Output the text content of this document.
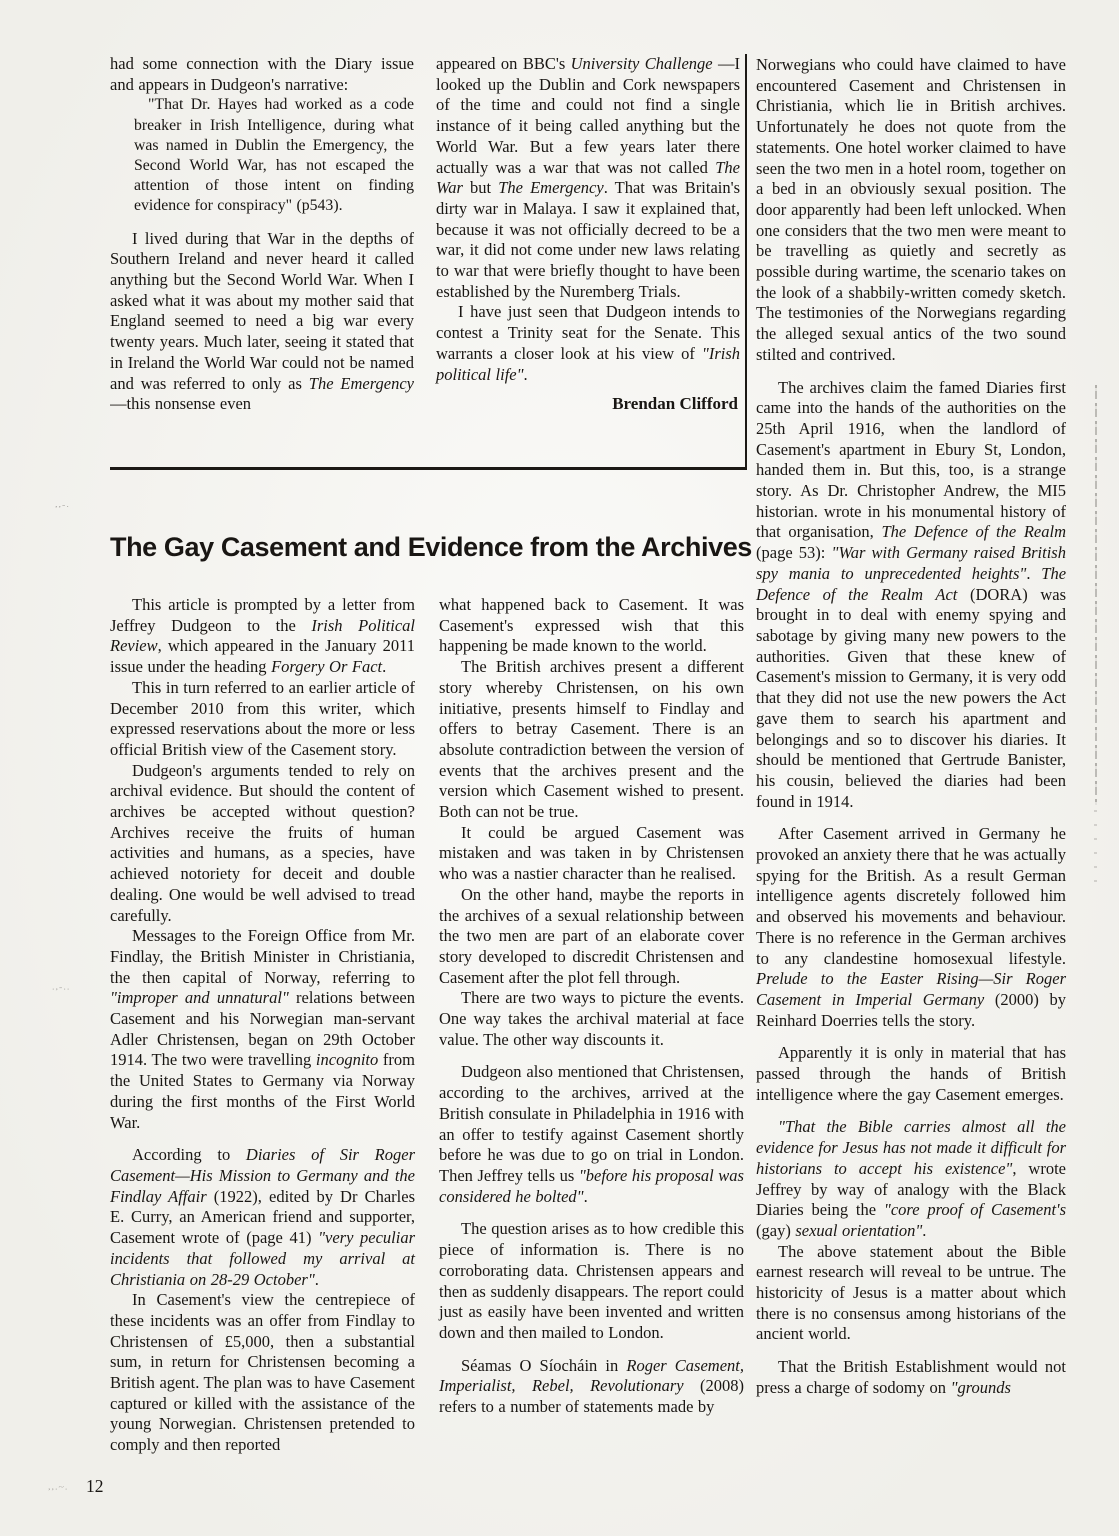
had some connection with the Diary issue and appears in Dudgeon's narrative:

"That Dr. Hayes had worked as a code breaker in Irish Intelligence, during what was named in Dublin the Emergency, the Second World War, has not escaped the attention of those intent on finding evidence for conspiracy" (p543).

I lived during that War in the depths of Southern Ireland and never heard it called anything but the Second World War. When I asked what it was about my mother said that England seemed to need a big war every twenty years. Much later, seeing it stated that in Ireland the World War could not be named and was referred to only as The Emergency—this nonsense even

appeared on BBC's University Challenge —I looked up the Dublin and Cork newspapers of the time and could not find a single instance of it being called anything but the World War. But a few years later there actually was a war that was not called The War but The Emergency. That was Britain's dirty war in Malaya. I saw it explained that, because it was not officially decreed to be a war, it did not come under new laws relating to war that were briefly thought to have been established by the Nuremberg Trials.

I have just seen that Dudgeon intends to contest a Trinity seat for the Senate. This warrants a closer look at his view of "Irish political life".

Brendan Clifford

The Gay Casement and Evidence from the Archives

This article is prompted by a letter from Jeffrey Dudgeon to the Irish Political Review, which appeared in the January 2011 issue under the heading Forgery Or Fact.

This in turn referred to an earlier article of December 2010 from this writer, which expressed reservations about the more or less official British view of the Casement story.

Dudgeon's arguments tended to rely on archival evidence. But should the content of archives be accepted without question? Archives receive the fruits of human activities and humans, as a species, have achieved notoriety for deceit and double dealing. One would be well advised to tread carefully.

Messages to the Foreign Office from Mr. Findlay, the British Minister in Christiania, the then capital of Norway, referring to "improper and unnatural" relations between Casement and his Norwegian man-servant Adler Christensen, began on 29th October 1914. The two were travelling incognito from the United States to Germany via Norway during the first months of the First World War.

According to Diaries of Sir Roger Casement—His Mission to Germany and the Findlay Affair (1922), edited by Dr Charles E. Curry, an American friend and supporter, Casement wrote of (page 41) "very peculiar incidents that followed my arrival at Christiania on 28-29 October".

In Casement's view the centrepiece of these incidents was an offer from Findlay to Christensen of £5,000, then a substantial sum, in return for Christensen becoming a British agent. The plan was to have Casement captured or killed with the assistance of the young Norwegian. Christensen pretended to comply and then reported

what happened back to Casement. It was Casement's expressed wish that this happening be made known to the world.

The British archives present a different story whereby Christensen, on his own initiative, presents himself to Findlay and offers to betray Casement. There is an absolute contradiction between the version of events that the archives present and the version which Casement wished to present. Both can not be true.

It could be argued Casement was mistaken and was taken in by Christensen who was a nastier character than he realised.

On the other hand, maybe the reports in the archives of a sexual relationship between the two men are part of an elaborate cover story developed to discredit Christensen and Casement after the plot fell through.

There are two ways to picture the events. One way takes the archival material at face value. The other way discounts it.

Dudgeon also mentioned that Christensen, according to the archives, arrived at the British consulate in Philadelphia in 1916 with an offer to testify against Casement shortly before he was due to go on trial in London. Then Jeffrey tells us "before his proposal was considered he bolted".

The question arises as to how credible this piece of information is. There is no corroborating data. Christensen appears and then as suddenly disappears. The report could just as easily have been invented and written down and then mailed to London.

Séamas O Síocháin in Roger Casement, Imperialist, Rebel, Revolutionary (2008) refers to a number of statements made by

Norwegians who could have claimed to have encountered Casement and Christensen in Christiania, which lie in British archives. Unfortunately he does not quote from the statements. One hotel worker claimed to have seen the two men in a hotel room, together on a bed in an obviously sexual position. The door apparently had been left unlocked. When one considers that the two men were meant to be travelling as quietly and secretly as possible during wartime, the scenario takes on the look of a shabbily-written comedy sketch. The testimonies of the Norwegians regarding the alleged sexual antics of the two sound stilted and contrived.

The archives claim the famed Diaries first came into the hands of the authorities on the 25th April 1916, when the landlord of Casement's apartment in Ebury St, London, handed them in. But this, too, is a strange story. As Dr. Christopher Andrew, the MI5 historian. wrote in his monumental history of that organisation, The Defence of the Realm (page 53): "War with Germany raised British spy mania to unprecedented heights". The Defence of the Realm Act (DORA) was brought in to deal with enemy spying and sabotage by giving many new powers to the authorities. Given that these knew of Casement's mission to Germany, it is very odd that they did not use the new powers the Act gave them to search his apartment and belongings and so to discover his diaries. It should be mentioned that Gertrude Banister, his cousin, believed the diaries had been found in 1914.

After Casement arrived in Germany he provoked an anxiety there that he was actually spying for the British. As a result German intelligence agents discretely followed him and observed his movements and behaviour. There is no reference in the German archives to any clandestine homosexual lifestyle. Prelude to the Easter Rising—Sir Roger Casement in Imperial Germany (2000) by Reinhard Doerries tells the story.

Apparently it is only in material that has passed through the hands of British intelligence where the gay Casement emerges.

"That the Bible carries almost all the evidence for Jesus has not made it difficult for historians to accept his existence", wrote Jeffrey by way of analogy with the Black Diaries being the "core proof of Casement's (gay) sexual orientation".

The above statement about the Bible earnest research will reveal to be untrue. The historicity of Jesus is a matter about which there is no consensus among historians of the ancient world.

That the British Establishment would not press a charge of sodomy on "grounds

,,-.
.,-..
,,.~. 12
